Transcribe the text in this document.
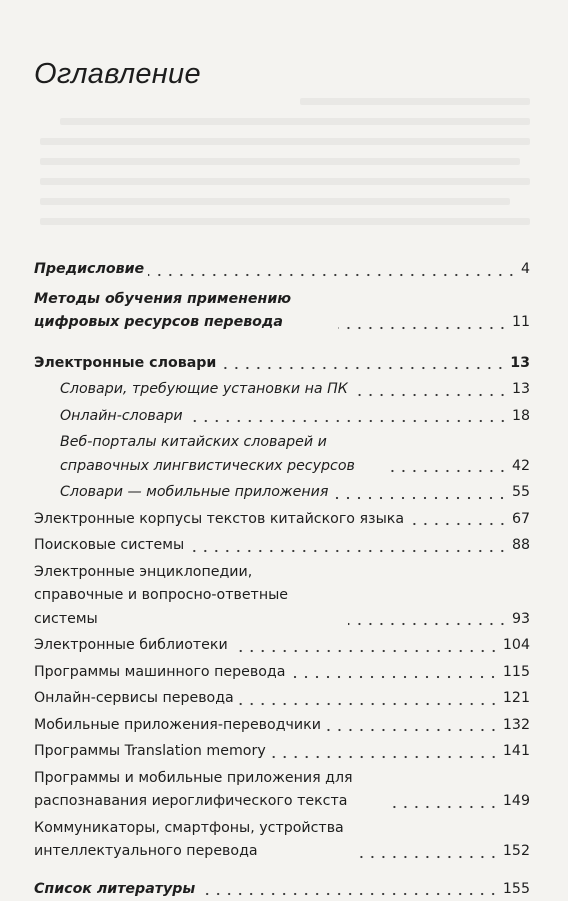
Оглавление
Предисловие	4
Методы обучения применению цифровых ресурсов перевода	11
Электронные словари	13
Словари, требующие установки на ПК	13
Онлайн-словари	18
Веб-порталы китайских словарей и справочных лингвистических ресурсов	42
Словари — мобильные приложения	55
Электронные корпусы текстов китайского языка	67
Поисковые системы	88
Электронные энциклопедии, справочные и вопросно-ответные системы	93
Электронные библиотеки	104
Программы машинного перевода	115
Онлайн-сервисы перевода	121
Мобильные приложения-переводчики	132
Программы Translation memory	141
Программы и мобильные приложения для распознавания иероглифического текста	149
Коммуникаторы, смартфоны, устройства интеллектуального перевода	152
Список литературы	155
